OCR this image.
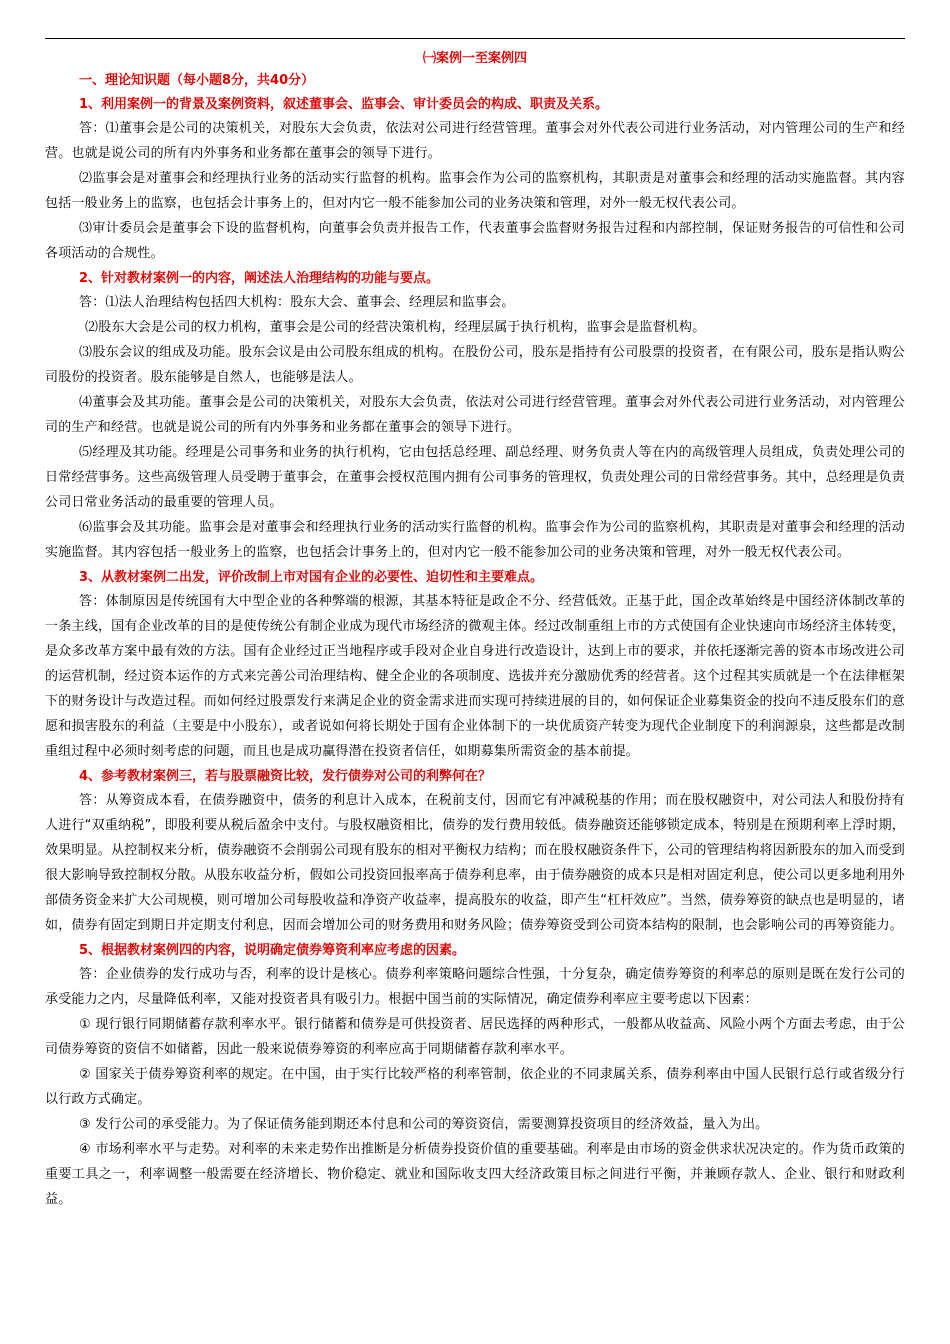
㈠案例一至案例四
一、理论知识题（每小题8分，共40分）
1、利用案例一的背景及案例资料，叙述董事会、监事会、审计委员会的构成、职责及关系。

答：⑴董事会是公司的决策机关，对股东大会负责，依法对公司进行经营管理。董事会对外代表公司进行业务活动，对内管理公司的生产和经营。也就是说公司的所有内外事务和业务都在董事会的领导下进行。

⑵监事会是对董事会和经理执行业务的活动实行监督的机构。监事会作为公司的监察机构，其职责是对董事会和经理的活动实施监督。其内容包括一般业务上的监察，也包括会计事务上的，但对内它一般不能参加公司的业务决策和管理，对外一般无权代表公司。

⑶审计委员会是董事会下设的监督机构，向董事会负责并报告工作，代表董事会监督财务报告过程和内部控制，保证财务报告的可信性和公司各项活动的合规性。

2、针对教材案例一的内容，阐述法人治理结构的功能与要点。

答：⑴法人治理结构包括四大机构：股东大会、董事会、经理层和监事会。

⑵股东大会是公司的权力机构，董事会是公司的经营决策机构，经理层属于执行机构，监事会是监督机构。

⑶股东会议的组成及功能。股东会议是由公司股东组成的机构。在股份公司，股东是指持有公司股票的投资者，在有限公司，股东是指认购公司股份的投资者。股东能够是自然人，也能够是法人。

⑷董事会及其功能。董事会是公司的决策机关，对股东大会负责，依法对公司进行经营管理。董事会对外代表公司进行业务活动，对内管理公司的生产和经营。也就是说公司的所有内外事务和业务都在董事会的领导下进行。

⑸经理及其功能。经理是公司事务和业务的执行机构，它由包括总经理、副总经理、财务负责人等在内的高级管理人员组成，负责处理公司的日常经营事务。这些高级管理人员受聘于董事会，在董事会授权范围内拥有公司事务的管理权，负责处理公司的日常经营事务。其中，总经理是负责公司日常业务活动的最重要的管理人员。

⑹监事会及其功能。监事会是对董事会和经理执行业务的活动实行监督的机构。监事会作为公司的监察机构，其职责是对董事会和经理的活动实施监督。其内容包括一般业务上的监察，也包括会计事务上的，但对内它一般不能参加公司的业务决策和管理，对外一般无权代表公司。

3、从教材案例二出发，评价改制上市对国有企业的必要性、迫切性和主要难点。

答：体制原因是传统国有大中型企业的各种弊端的根源，其基本特征是政企不分、经营低效。正基于此，国企改革始终是中国经济体制改革的一条主线，国有企业改革的目的是使传统公有制企业成为现代市场经济的微观主体。经过改制重组上市的方式使国有企业快速向市场经济主体转变，是众多改革方案中最有效的方法。国有企业经过正当地程序或手段对企业自身进行改造设计，达到上市的要求，并依托逐渐完善的资本市场改进公司的运营机制，经过资本运作的方式来完善公司治理结构、健全企业的各项制度、选拔并充分激励优秀的经营者。这个过程其实质就是一个在法律框架下的财务设计与改造过程。而如何经过股票发行来满足企业的资金需求进而实现可持续进展的目的，如何保证企业募集资金的投向不违反股东们的意愿和损害股东的利益（主要是中小股东），或者说如何将长期处于国有企业体制下的一块优质资产转变为现代企业制度下的利润源泉，这些都是改制重组过程中必须时刻考虑的问题，而且也是成功赢得潜在投资者信任，如期募集所需资金的基本前提。

4、参考教材案例三，若与股票融资比较，发行债券对公司的利弊何在？

答：从筹资成本看，在债券融资中，债务的利息计入成本，在税前支付，因而它有冲减税基的作用；而在股权融资中，对公司法人和股份持有人进行“双重纳税”，即股利要从税后盈余中支付。与股权融资相比，债券的发行费用较低。债券融资还能够锁定成本，特别是在预期利率上浮时期，效果明显。从控制权来分析，债券融资不会削弱公司现有股东的相对平衡权力结构；而在股权融资条件下，公司的管理结构将因新股东的加入而受到很大影响导致控制权分散。从股东收益分析，假如公司投资回报率高于债券利息率，由于债券融资的成本只是相对固定利息，使公司以更多地利用外部债务资金来扩大公司规模，则可增加公司每股收益和净资产收益率，提高股东的收益，即产生“杠杆效应”。当然，债券筹资的缺点也是明显的，诸如，债券有固定到期日并定期支付利息，因而会增加公司的财务费用和财务风险；债券筹资受到公司资本结构的限制，也会影响公司的再筹资能力。

5、根据教材案例四的内容，说明确定债券筹资利率应考虑的因素。

答：企业债券的发行成功与否，利率的设计是核心。债券利率策略问题综合性强，十分复杂，确定债券筹资的利率总的原则是既在发行公司的承受能力之内，尽量降低利率，又能对投资者具有吸引力。根据中国当前的实际情况，确定债券利率应主要考虑以下因素：

① 现行银行同期储蓄存款利率水平。银行储蓄和债券是可供投资者、居民选择的两种形式，一般都从收益高、风险小两个方面去考虑，由于公司债券筹资的资信不如储蓄，因此一般来说债券筹资的利率应高于同期储蓄存款利率水平。

② 国家关于债券筹资利率的规定。在中国，由于实行比较严格的利率管制，依企业的不同隶属关系，债券利率由中国人民银行总行或省级分行以行政方式确定。

③ 发行公司的承受能力。为了保证债务能到期还本付息和公司的筹资资信，需要测算投资项目的经济效益，量入为出。

④ 市场利率水平与走势。对利率的未来走势作出推断是分析债券投资价值的重要基础。利率是由市场的资金供求状况决定的。作为货币政策的重要工具之一，利率调整一般需要在经济增长、物价稳定、就业和国际收支四大经济政策目标之间进行平衡，并兼顾存款人、企业、银行和财政利益。
